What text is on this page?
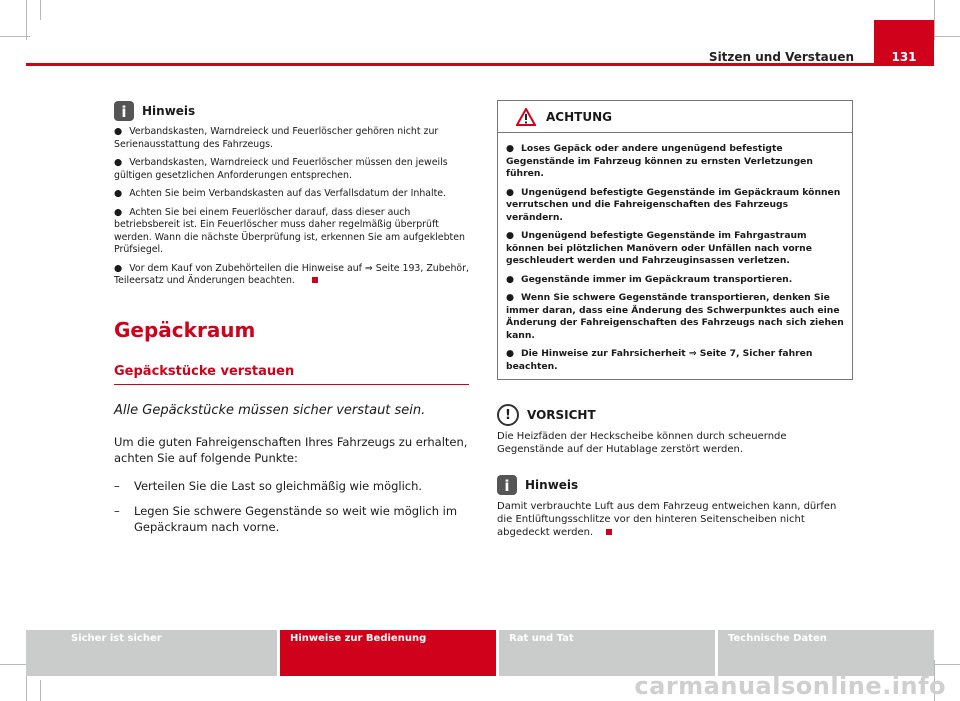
131
Sitzen und Verstauen
i Hinweis
● Verbandskasten, Warndreieck und Feuerlöscher gehören nicht zur Serienausstattung des Fahrzeugs.
● Verbandskasten, Warndreieck und Feuerlöscher müssen den jeweils gültigen gesetzlichen Anforderungen entsprechen.
● Achten Sie beim Verbandskasten auf das Verfallsdatum der Inhalte.
● Achten Sie bei einem Feuerlöscher darauf, dass dieser auch betriebsbereit ist. Ein Feuerlöscher muss daher regelmäßig überprüft werden. Wann die nächste Überprüfung ist, erkennen Sie am aufgeklebten Prüfsiegel.
● Vor dem Kauf von Zubehörteilen die Hinweise auf ⇒ Seite 193, Zubehör, Teileersatz und Änderungen beachten.
Gepäckraum
Gepäckstücke verstauen
Alle Gepäckstücke müssen sicher verstaut sein.
Um die guten Fahreigenschaften Ihres Fahrzeugs zu erhalten, achten Sie auf folgende Punkte:
– Verteilen Sie die Last so gleichmäßig wie möglich.
– Legen Sie schwere Gegenstände so weit wie möglich im Gepäckraum nach vorne.
ACHTUNG
● Loses Gepäck oder andere ungenügend befestigte Gegenstände im Fahrzeug können zu ernsten Verletzungen führen.
● Ungenügend befestigte Gegenstände im Gepäckraum können verrutschen und die Fahreigenschaften des Fahrzeugs verändern.
● Ungenügend befestigte Gegenstände im Fahrgastraum können bei plötzlichen Manövern oder Unfällen nach vorne geschleudert werden und Fahrzeuginsassen verletzen.
● Gegenstände immer im Gepäckraum transportieren.
● Wenn Sie schwere Gegenstände transportieren, denken Sie immer daran, dass eine Änderung des Schwerpunktes auch eine Änderung der Fahreigenschaften des Fahrzeugs nach sich ziehen kann.
● Die Hinweise zur Fahrsicherheit ⇒ Seite 7, Sicher fahren beachten.
!	VORSICHT

Die Heizfäden der Heckscheibe können durch scheuernde Gegenstände auf der Hutablage zerstört werden.

i Hinweis

Damit verbrauchte Luft aus dem Fahrzeug entweichen kann, dürfen die Entlüftungsschlitze vor den hinteren Seitenscheiben nicht abgedeckt werden.

Sicher ist sicher	Hinweise zur Bedienung	Rat und Tat	Technische Daten
carmanualsonline.info
